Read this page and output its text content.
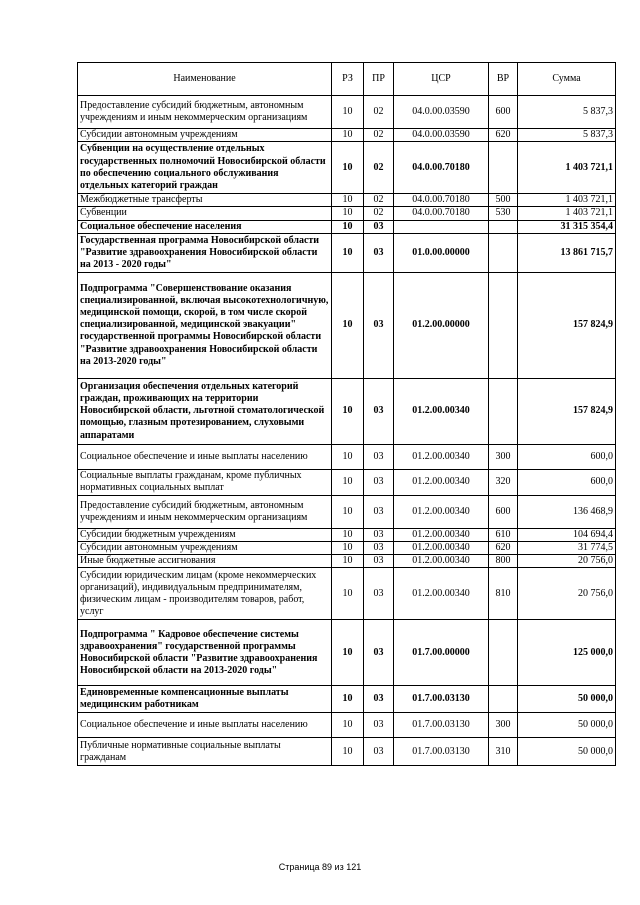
Наименование	РЗ	ПР	ЦСР	ВР	Сумма
Предоставление субсидий бюджетным, автономным учреждениям и иным некоммерческим организациям	10	02	04.0.00.03590	600	5 837,3
Субсидии автономным учреждениям	10	02	04.0.00.03590	620	5 837,3
Субвенции на осуществление отдельных государственных полномочий Новосибирской области по обеспечению социального обслуживания отдельных категорий граждан	10	02	04.0.00.70180		1 403 721,1
Межбюджетные трансферты	10	02	04.0.00.70180	500	1 403 721,1
Субвенции	10	02	04.0.00.70180	530	1 403 721,1
Социальное обеспечение населения	10	03			31 315 354,4
Государственная программа Новосибирской области "Развитие здравоохранения Новосибирской области на 2013 - 2020 годы"	10	03	01.0.00.00000		13 861 715,7
Подпрограмма "Совершенствование оказания специализированной, включая высокотехнологичную, медицинской помощи, скорой, в том числе скорой специализированной, медицинской эвакуации" государственной программы Новосибирской области "Развитие здравоохранения Новосибирской области на 2013-2020 годы"	10	03	01.2.00.00000		157 824,9
Организация обеспечения отдельных категорий граждан, проживающих на территории Новосибирской области, льготной стоматологической помощью, глазным протезированием, слуховыми аппаратами	10	03	01.2.00.00340		157 824,9
Социальное обеспечение и иные выплаты населению	10	03	01.2.00.00340	300	600,0
Социальные выплаты гражданам, кроме публичных нормативных социальных выплат	10	03	01.2.00.00340	320	600,0
Предоставление субсидий бюджетным, автономным учреждениям и иным некоммерческим организациям	10	03	01.2.00.00340	600	136 468,9
Субсидии бюджетным учреждениям	10	03	01.2.00.00340	610	104 694,4
Субсидии автономным учреждениям	10	03	01.2.00.00340	620	31 774,5
Иные бюджетные ассигнования	10	03	01.2.00.00340	800	20 756,0
Субсидии юридическим лицам (кроме некоммерческих организаций), индивидуальным предпринимателям, физическим лицам - производителям товаров, работ, услуг	10	03	01.2.00.00340	810	20 756,0
Подпрограмма " Кадровое обеспечение системы здравоохранения" государственной программы Новосибирской области "Развитие здравоохранения Новосибирской области на 2013-2020 годы"	10	03	01.7.00.00000		125 000,0
Единовременные компенсационные выплаты медицинским работникам	10	03	01.7.00.03130		50 000,0
Социальное обеспечение и иные выплаты населению	10	03	01.7.00.03130	300	50 000,0
Публичные нормативные социальные выплаты гражданам	10	03	01.7.00.03130	310	50 000,0
Страница 89 из 121
